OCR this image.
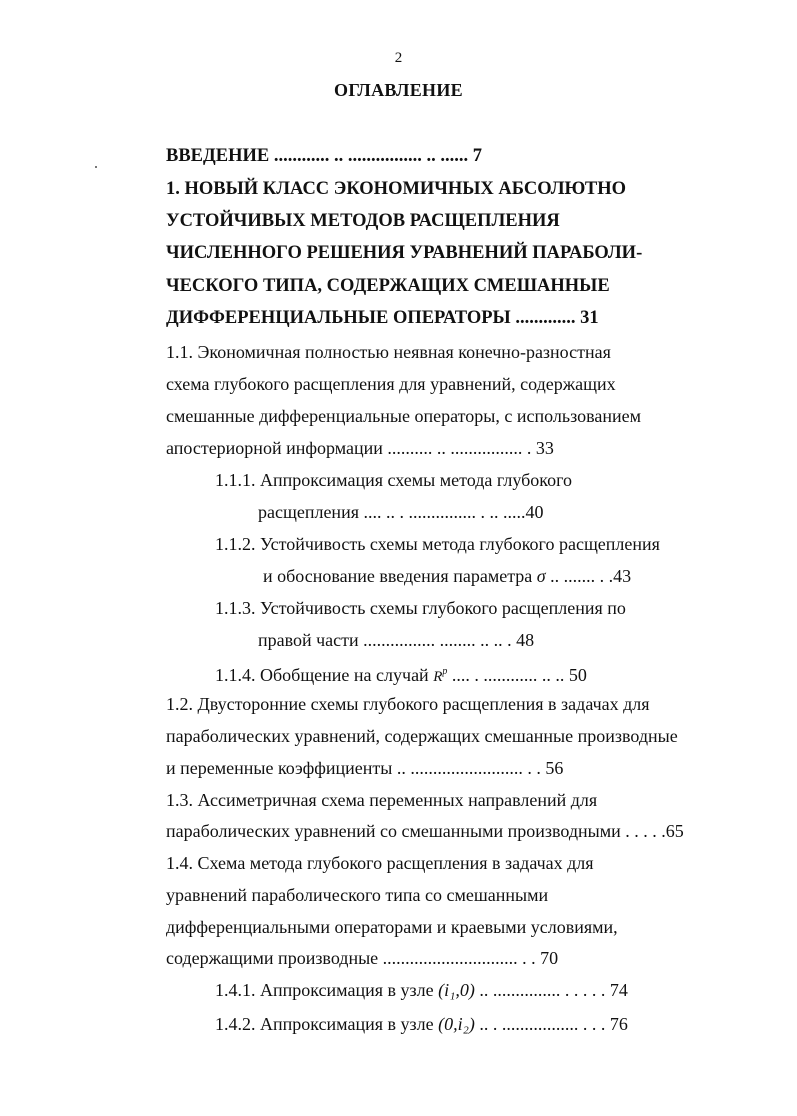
2
ОГЛАВЛЕНИЕ
ВВЕДЕНИЕ ............ .. ................ .. ...... 7
1. НОВЫЙ КЛАСС ЭКОНОМИЧНЫХ АБСОЛЮТНО
УСТОЙЧИВЫХ МЕТОДОВ РАСЩЕПЛЕНИЯ
ЧИСЛЕННОГО РЕШЕНИЯ УРАВНЕНИЙ ПАРАБОЛИ-
ЧЕСКОГО ТИПА, СОДЕРЖАЩИХ СМЕШАННЫЕ
ДИФФЕРЕНЦИАЛЬНЫЕ ОПЕРАТОРЫ ............. 31
1.1. Экономичная полностью неявная конечно-разностная
схема глубокого расщепления для уравнений, содержащих
смешанные дифференциальные операторы, с использованием
апостериорной информации .......... .. ................ . 33
1.1.1. Аппроксимация схемы метода глубокого
расщепления .... .. . ............... . .. .....40
1.1.2. Устойчивость схемы метода глубокого расщепления
и обоснование введения параметра σ .. ....... . .43
1.1.3. Устойчивость схемы глубокого расщепления по
правой части ................ ........ .. .. . 48
1.1.4. Обобщение на случай $R^p$ .... . ............ .. .. 50
1.2. Двусторонние схемы глубокого расщепления в задачах для
параболических уравнений, содержащих смешанные производные
и переменные коэффициенты .. ......................... . . 56
1.3. Ассиметричная схема переменных направлений для
параболических уравнений со смешанными производными . . . . .65
1.4. Схема метода глубокого расщепления в задачах для
уравнений параболического типа со смешанными
дифференциальными операторами и краевыми условиями,
содержащими производные .............................. . . 70
1.4.1. Аппроксимация в узле (i₁,0) .. ............... . . . . . 74
1.4.2. Аппроксимация в узле (0,i₂) .. . ................. . . . 76
